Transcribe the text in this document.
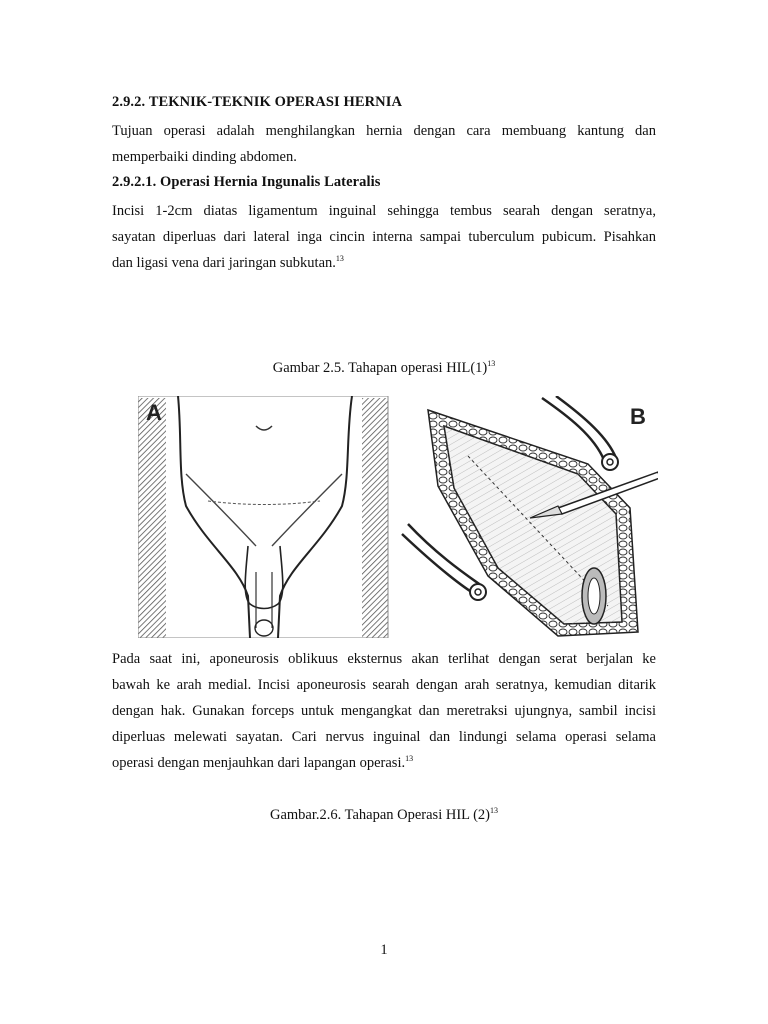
2.9.2. TEKNIK-TEKNIK OPERASI HERNIA
Tujuan operasi adalah menghilangkan hernia dengan cara membuang kantung dan
memperbaiki dinding abdomen.
2.9.2.1. Operasi Hernia Ingunalis Lateralis
Incisi 1-2cm diatas ligamentum inguinal sehingga tembus searah dengan seratnya,
sayatan diperluas dari lateral inga cincin interna sampai tuberculum pubicum. Pisahkan
dan ligasi vena dari jaringan subkutan.$^{13}$
Gambar 2.5. Tahapan operasi $HIL(1)^{13}$
A	B
Pada saat ini, aponeurosis oblikuus eksternus akan terlihat dengan serat berjalan ke
bawah ke arah medial. Incisi aponeurosis searah dengan arah seratnya, kemudian ditarik
dengan hak. Gunakan forceps untuk mengangkat dan meretraksi ujungnya, sambil incisi
diperluas melewati sayatan. Cari nervus inguinal dan lindungi selama operasi selama
operasi dengan menjauhkan dari lapangan operasi.$^{13}$
Gambar.2.6. Tahapan Operasi HIL $(2)^{13}$
1
